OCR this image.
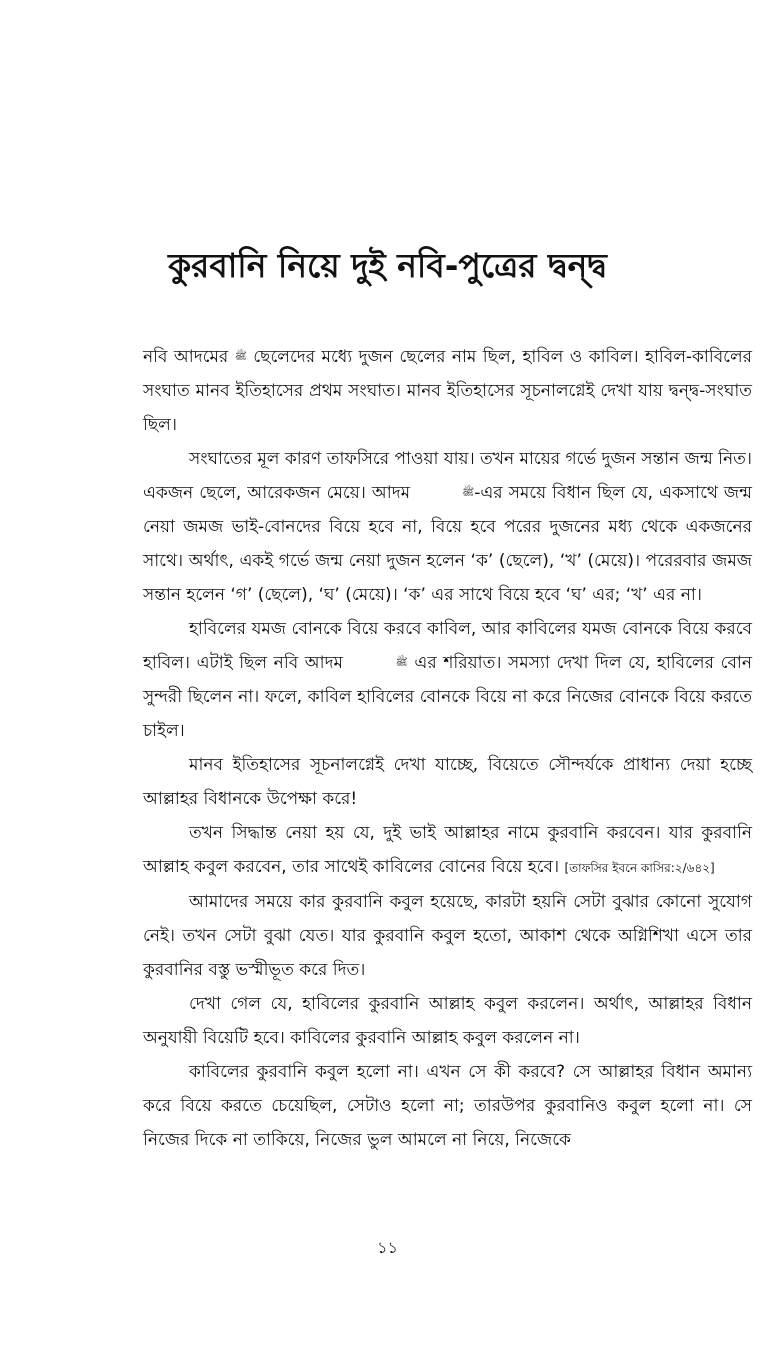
কুরবানি নিয়ে দুই নবি-পুত্রের দ্বন্দ্ব

নবি আদমের ﷺ ছেলেদের মধ্যে দুজন ছেলের নাম ছিল, হাবিল ও কাবিল। হাবিল-কাবিলের সংঘাত মানব ইতিহাসের প্রথম সংঘাত। মানব ইতিহাসের সূচনালগ্নেই দেখা যায় দ্বন্দ্ব-সংঘাত ছিল।

সংঘাতের মূল কারণ তাফসিরে পাওয়া যায়। তখন মায়ের গর্ভে দুজন সন্তান জন্ম নিত। একজন ছেলে, আরেকজন মেয়ে। আদম	ﷺ-এর সময়ে বিধান ছিল যে, একসাথে জন্ম নেয়া জমজ ভাই-বোনদের বিয়ে হবে না, বিয়ে হবে পরের দুজনের মধ্য থেকে একজনের সাথে। অর্থাৎ, একই গর্ভে জন্ম নেয়া দুজন হলেন ‘ক’ (ছেলে), ‘খ’ (মেয়ে)। পরেরবার জমজ সন্তান হলেন ‘গ’ (ছেলে), ‘ঘ’ (মেয়ে)। ‘ক’ এর সাথে বিয়ে হবে ‘ঘ’ এর; ‘খ’ এর না।

হাবিলের যমজ বোনকে বিয়ে করবে কাবিল, আর কাবিলের যমজ বোনকে বিয়ে করবে হাবিল। এটাই ছিল নবি আদম	ﷺ এর শরিয়াত। সমস্যা দেখা দিল যে, হাবিলের বোন সুন্দরী ছিলেন না। ফলে, কাবিল হাবিলের বোনকে বিয়ে না করে নিজের বোনকে বিয়ে করতে চাইল।

মানব ইতিহাসের সূচনালগ্নেই দেখা যাচ্ছে, বিয়েতে সৌন্দর্যকে প্রাধান্য দেয়া হচ্ছে আল্লাহর বিধানকে উপেক্ষা করে!

তখন সিদ্ধান্ত নেয়া হয় যে, দুই ভাই আল্লাহর নামে কুরবানি করবেন। যার কুরবানি আল্লাহ কবুল করবেন, তার সাথেই কাবিলের বোনের বিয়ে হবে। [তাফসির ইবনে কাসির:২/৬৪২]

আমাদের সময়ে কার কুরবানি কবুল হয়েছে, কারটা হয়নি সেটা বুঝার কোনো সুযোগ নেই। তখন সেটা বুঝা যেত। যার কুরবানি কবুল হতো, আকাশ থেকে অগ্নিশিখা এসে তার কুরবানির বস্তু ভস্মীভূত করে দিত।

দেখা গেল যে, হাবিলের কুরবানি আল্লাহ কবুল করলেন। অর্থাৎ, আল্লাহর বিধান অনুযায়ী বিয়েটি হবে। কাবিলের কুরবানি আল্লাহ কবুল করলেন না।

কাবিলের কুরবানি কবুল হলো না। এখন সে কী করবে? সে আল্লাহর বিধান অমান্য করে বিয়ে করতে চেয়েছিল, সেটাও হলো না; তারউপর কুরবানিও কবুল হলো না। সে নিজের দিকে না তাকিয়ে, নিজের ভুল আমলে না নিয়ে, নিজেকে

১১
